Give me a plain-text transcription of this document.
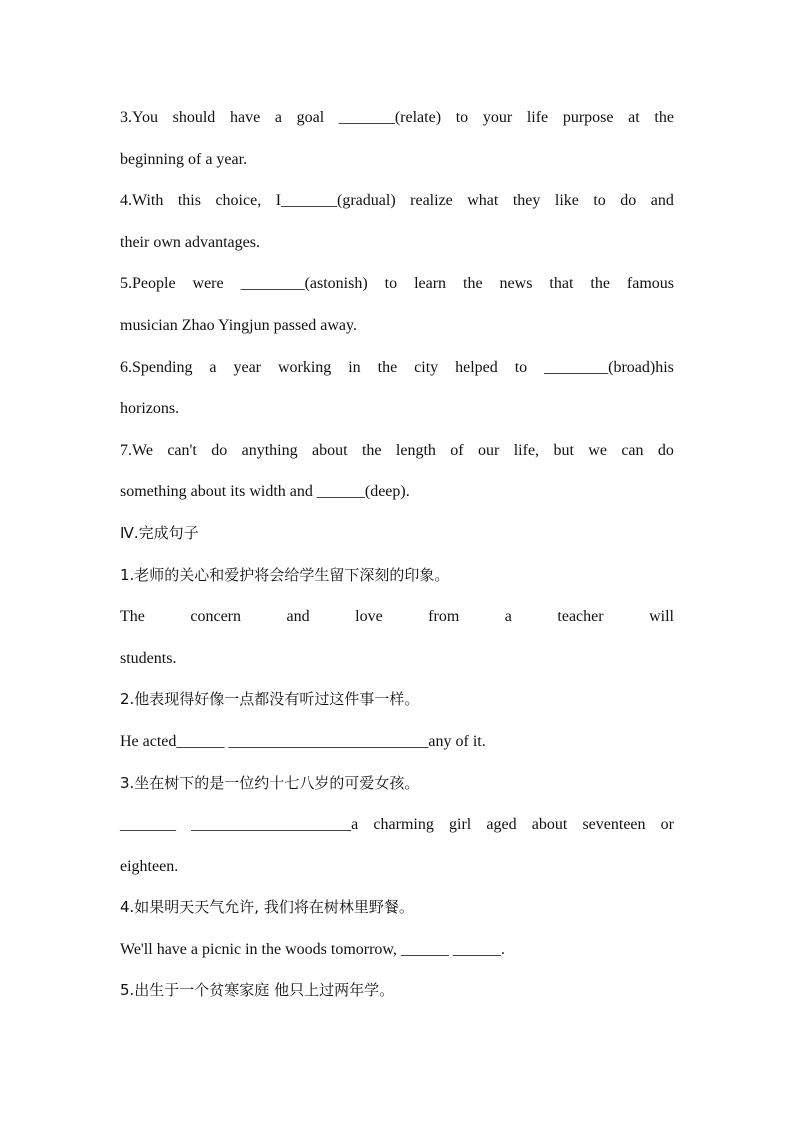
3.You should have a goal _______(relate) to your life purpose at the
beginning of a year.
4.With this choice, I_______(gradual) realize what they like to do and
their own advantages.
5.People were ________(astonish) to learn the news that the famous
musician Zhao Yingjun passed away.
6.Spending a year working in the city helped to ________(broad)his
horizons.
7.We can't do anything about the length of our life, but we can do
something about its width and ______(deep).
Ⅳ.完成句子
1.老师的关心和爱护将会给学生留下深刻的印象。
The	concern	and	love	from	a	teacher	will
students.
2.他表现得好像一点都没有听过这件事一样。
He acted______ _________________________any of it.
3.坐在树下的是一位约十七八岁的可爱女孩。
_______ ____________________a charming girl aged about seventeen or
eighteen.
4.如果明天天气允许, 我们将在树林里野餐。
We'll have a picnic in the woods tomorrow, ______ ______.
5.出生于一个贫寒家庭 他只上过两年学。
